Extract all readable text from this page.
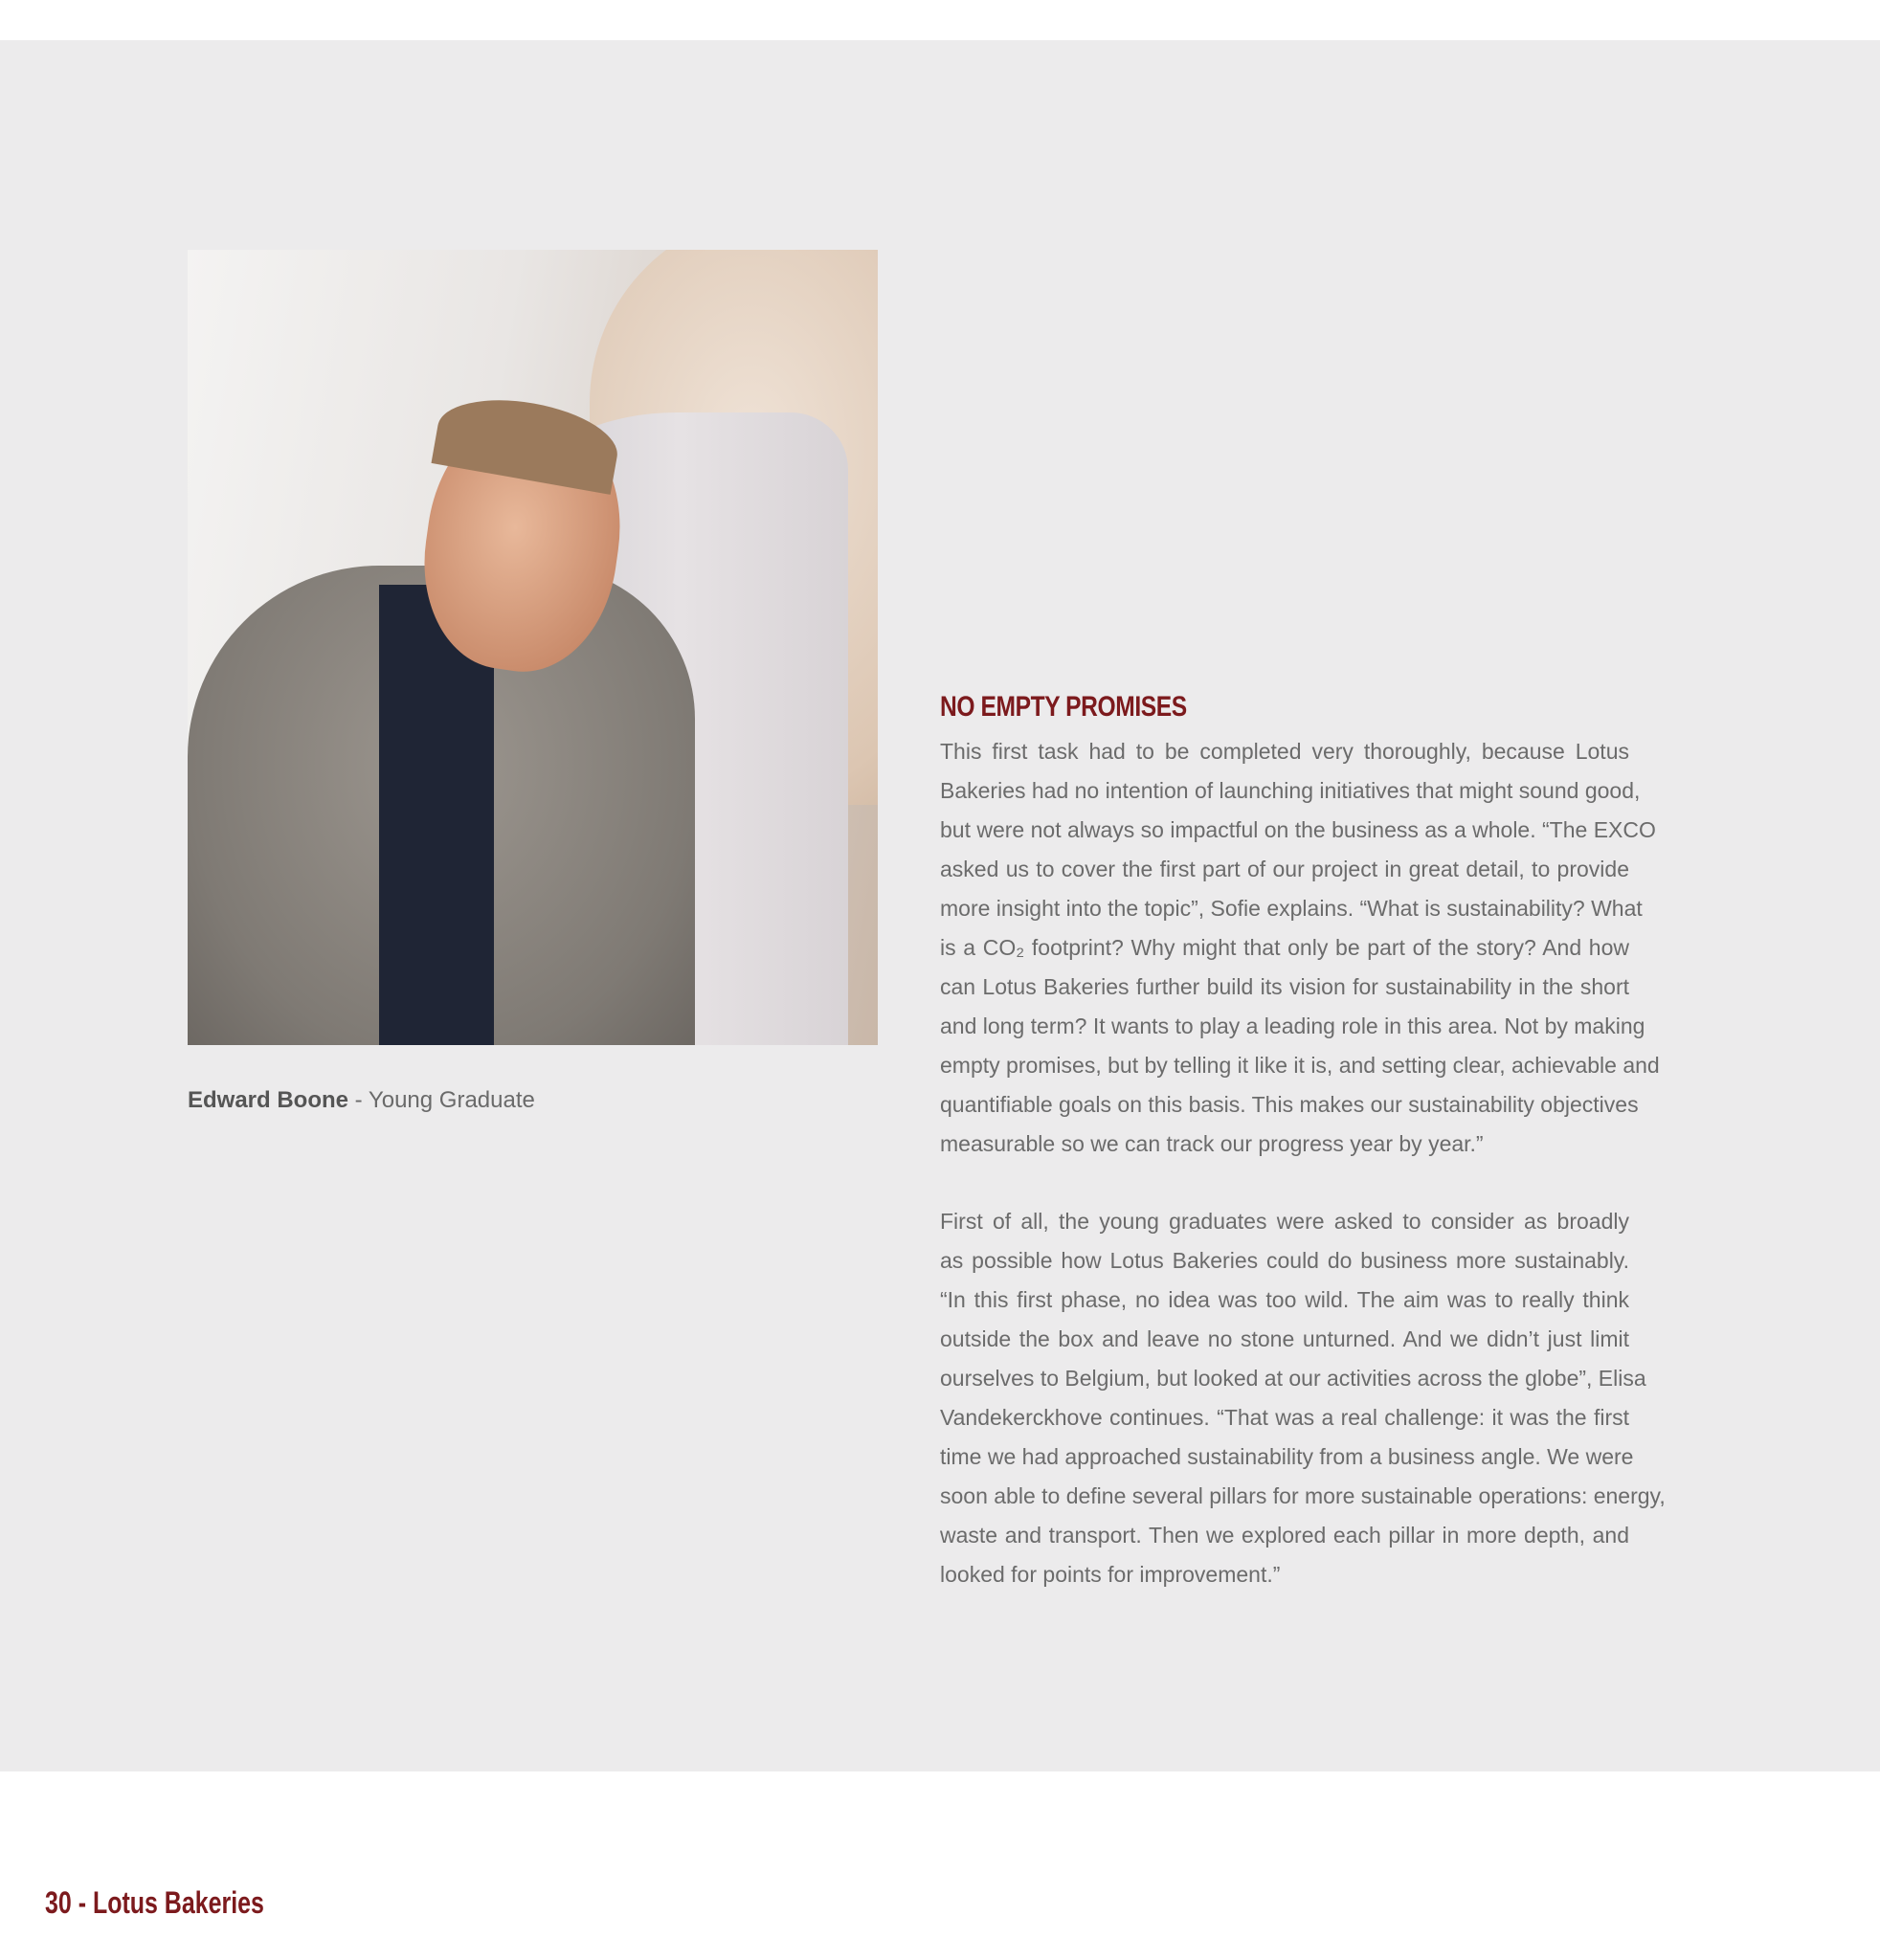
Edward Boone - Young Graduate
NO EMPTY PROMISES
This first task had to be completed very thoroughly, because Lotus
Bakeries had no intention of launching initiatives that might sound good,
but were not always so impactful on the business as a whole. “The EXCO
asked us to cover the first part of our project in great detail, to provide
more insight into the topic”, Sofie explains. “What is sustainability? What
is a CO₂ footprint? Why might that only be part of the story? And how
can Lotus Bakeries further build its vision for sustainability in the short
and long term? It wants to play a leading role in this area. Not by making
empty promises, but by telling it like it is, and setting clear, achievable and
quantifiable goals on this basis. This makes our sustainability objectives
measurable so we can track our progress year by year.”
First of all, the young graduates were asked to consider as broadly
as possible how Lotus Bakeries could do business more sustainably.
“In this first phase, no idea was too wild. The aim was to really think
outside the box and leave no stone unturned. And we didn’t just limit
ourselves to Belgium, but looked at our activities across the globe”, Elisa
Vandekerckhove continues. “That was a real challenge: it was the first
time we had approached sustainability from a business angle. We were
soon able to define several pillars for more sustainable operations: energy,
waste and transport. Then we explored each pillar in more depth, and
looked for points for improvement.”
30 - Lotus Bakeries
